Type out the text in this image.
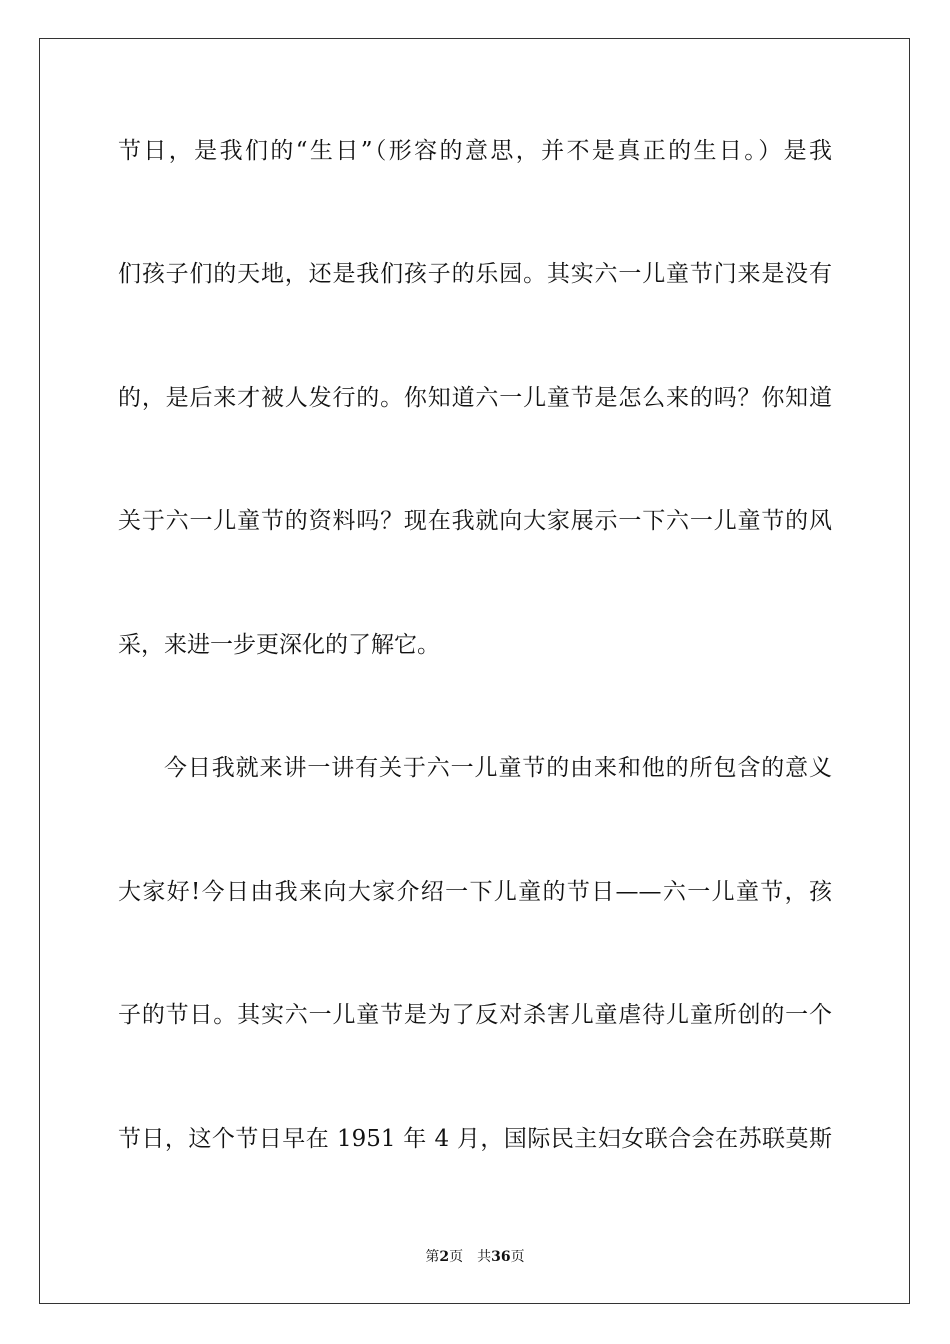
节日，是我们的“生日”（形容的意思，并不是真正的生日。）是我
们孩子们的天地，还是我们孩子的乐园。其实六一儿童节门来是没有
的，是后来才被人发行的。你知道六一儿童节是怎么来的吗？你知道
关于六一儿童节的资料吗？现在我就向大家展示一下六一儿童节的风
采，来进一步更深化的了解它。
今日我就来讲一讲有关于六一儿童节的由来和他的所包含的意义
大家好!今日由我来向大家介绍一下儿童的节日——六一儿童节，孩
子的节日。其实六一儿童节是为了反对杀害儿童虐待儿童所创的一个
节日，这个节日早在 1951 年 4 月，国际民主妇女联合会在苏联莫斯
第2页 共36页
